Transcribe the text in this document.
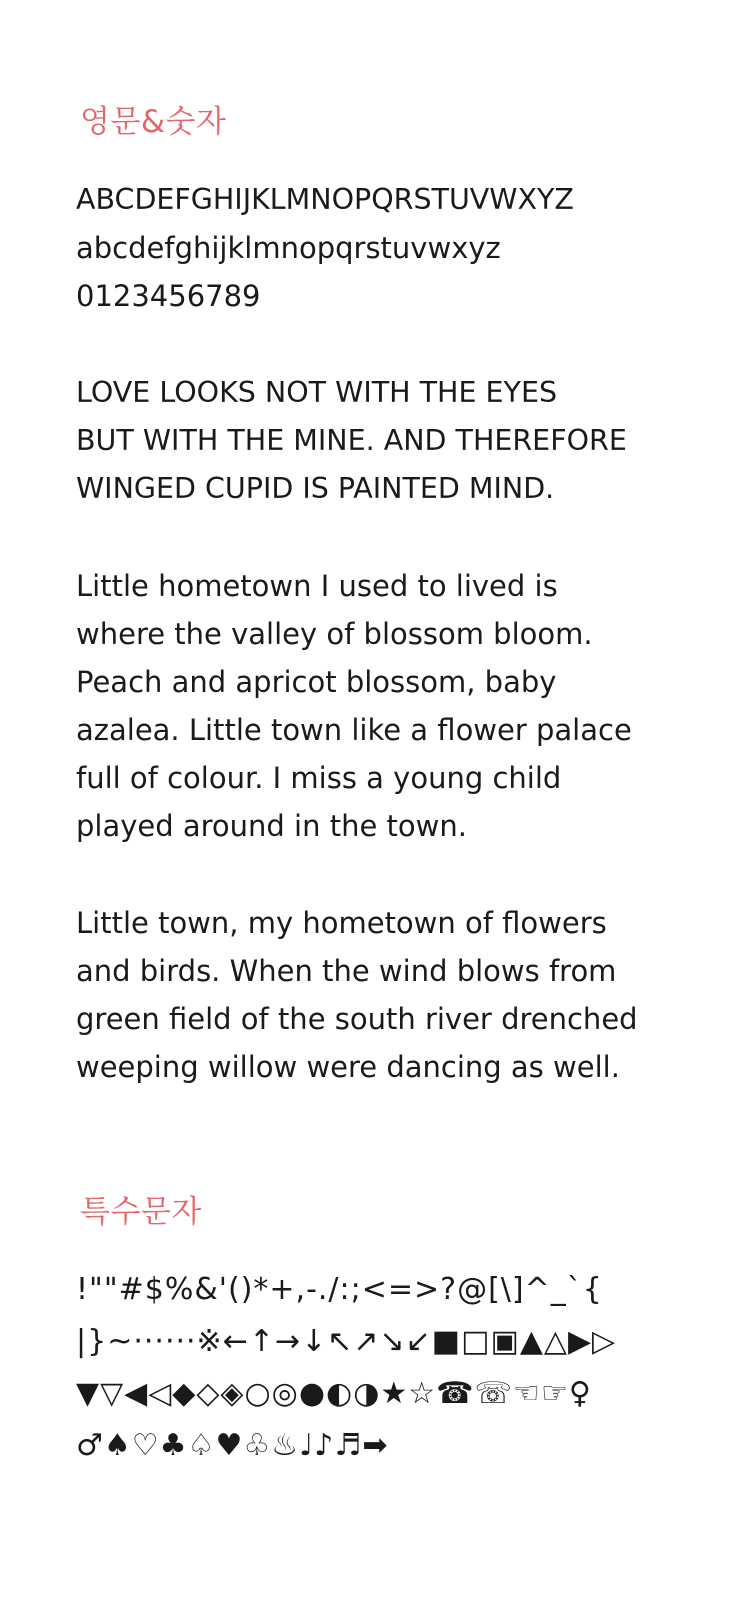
영문&숫자
ABCDEFGHIJKLMNOPQRSTUVWXYZ
abcdefghijklmnopqrstuvwxyz
0123456789
LOVE LOOKS NOT WITH THE EYES
BUT WITH THE MINE. AND THEREFORE
WINGED CUPID IS PAINTED MIND.
Little hometown I used to lived is
where the valley of blossom bloom.
Peach and apricot blossom, baby
azalea. Little town like a flower palace
full of colour. I miss a young child
played around in the town.
Little town, my hometown of flowers
and birds. When the wind blows from
green field of the south river drenched
weeping willow were dancing as well.
특수문자
!""#$%&'()*+,-./:;<=>?@[\]^_`{
|}~······※←↑→↓↖↗↘↙■□▣▲△▶▷
▼▽◀◁◆◇◈○◎●◐◑★☆☎☏☜☞♀
♂♠♡♣♤♥♧♨♩♪♬➡
